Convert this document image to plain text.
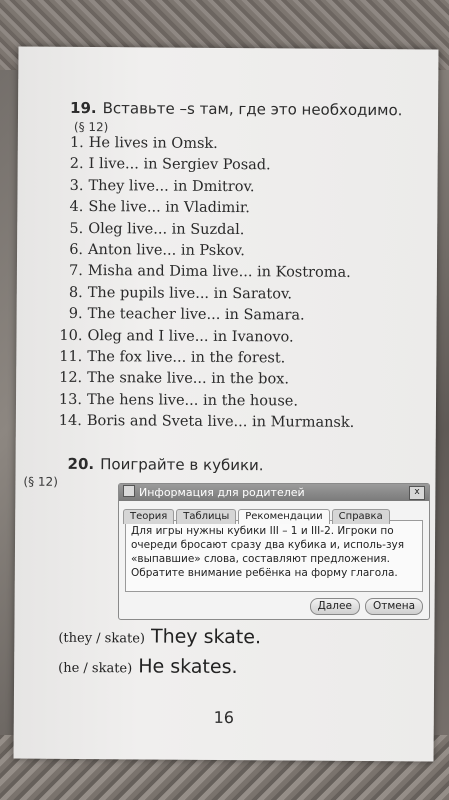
19. Вставьте –s там, где это необходимо.
(§ 12)
1. He lives in Omsk.
2. I live... in Sergiev Posad.
3. They live... in Dmitrov.
4. She live... in Vladimir.
5. Oleg live... in Suzdal.
6. Anton live... in Pskov.
7. Misha and Dima live... in Kostroma.
8. The pupils live... in Saratov.
9. The teacher live... in Samara.
10. Oleg and I live... in Ivanovo.
11. The fox live... in the forest.
12. The snake live... in the box.
13. The hens live... in the house.
14. Boris and Sveta live... in Murmansk.
20. Поиграйте в кубики.
(§ 12)
(they / skate) They skate.
(he / skate) He skates.
16
Информация для родителей	x
Теория Таблицы Рекомендации Справка
Для игры нужны кубики III – 1 и III-2. Игроки по очереди бросают сразу два кубика и, исполь-зуя «выпавшие» слова, составляют предложения. Обратите внимание ребёнка на форму глагола.
Далее Отмена
